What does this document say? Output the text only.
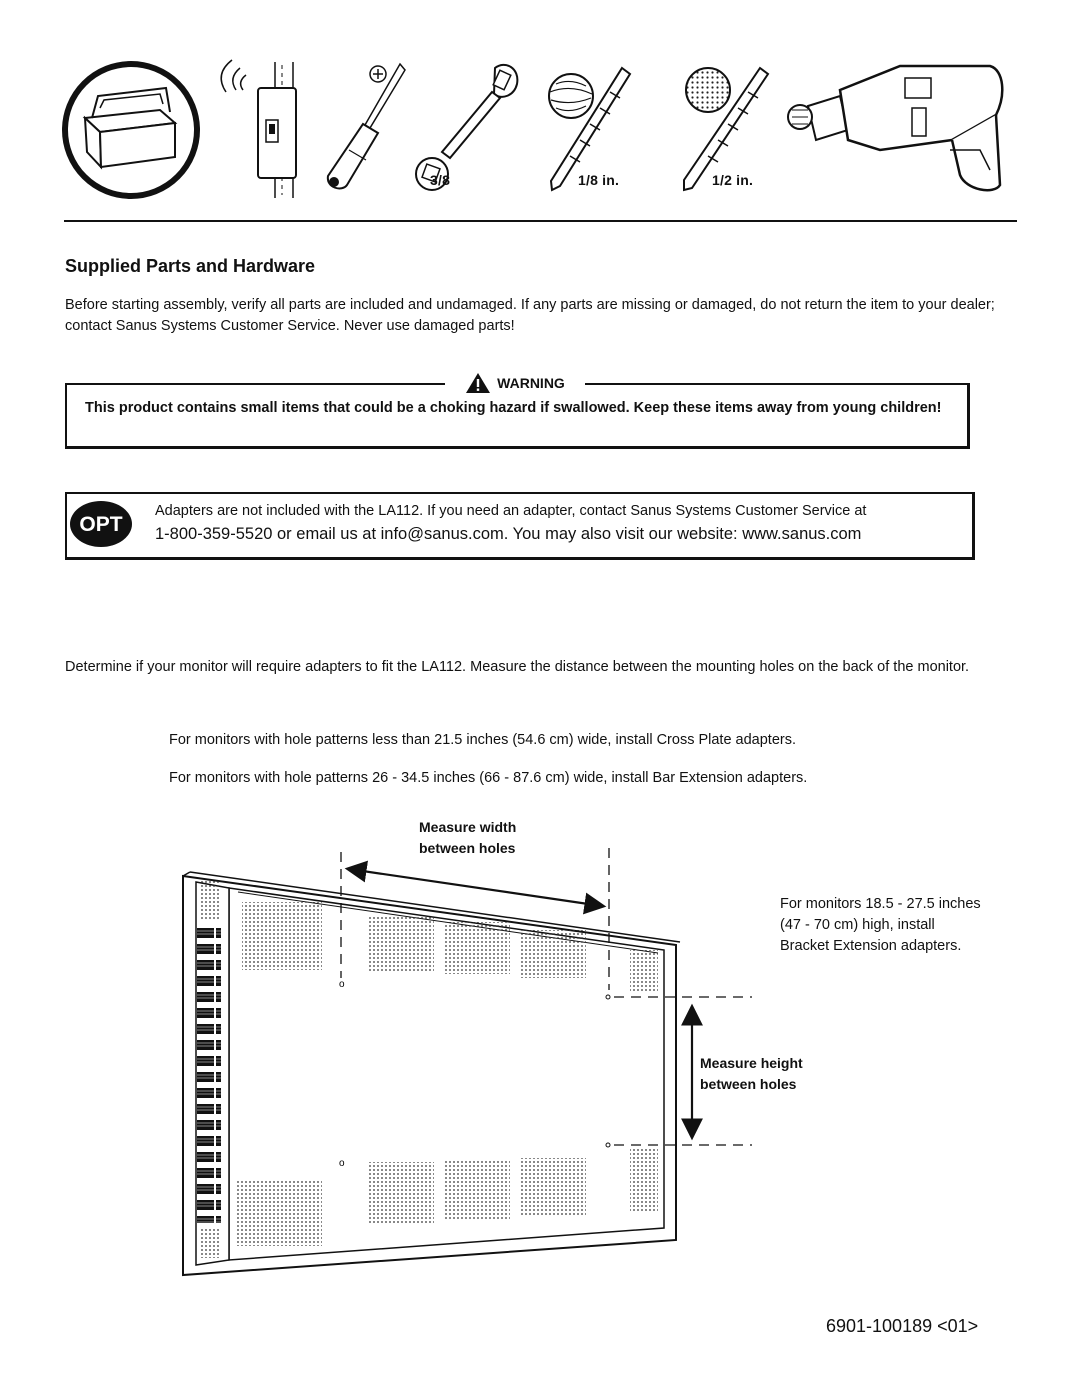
3/8	1/8 in.	1/2 in.
Supplied Parts and Hardware
Before starting assembly, verify all parts are included and undamaged. If any parts are missing or damaged, do not return the item to your dealer; contact Sanus Systems Customer Service. Never use damaged parts!
WARNING
This product contains small items that could be a choking hazard if swallowed. Keep these items away from young children!
OPT
Adapters are not included with the LA112. If you need an adapter, contact Sanus Systems Customer Service at
1-800-359-5520 or email us at info@sanus.com. You may also visit our website: www.sanus.com
Determine if your monitor will require adapters to fit the LA112. Measure the distance between the mounting holes on the back of the monitor.
For monitors with hole patterns less than 21.5 inches (54.6 cm) wide, install Cross Plate adapters.
For monitors with hole patterns 26 - 34.5 inches (66 - 87.6 cm) wide, install Bar Extension adapters.
o
o
Measure width
between holes
Measure height
between holes
For monitors 18.5 - 27.5 inches
(47 - 70 cm) high, install
Bracket Extension adapters.
6901-100189 <01>
